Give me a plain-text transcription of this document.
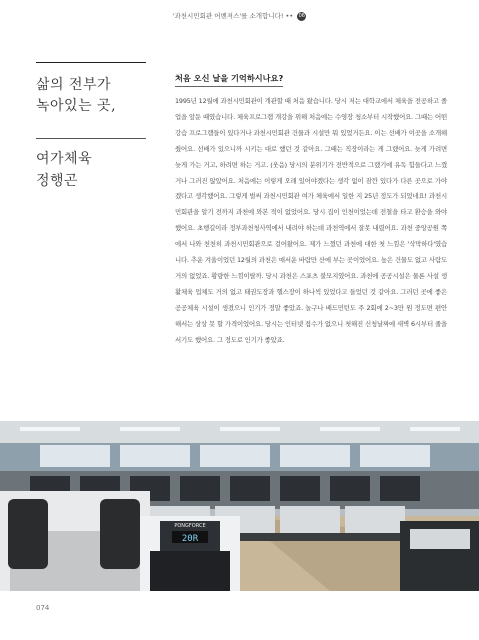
'과천시민회관 어벤져스'를 소개합니다! •• 06
삶의 전부가
녹아있는 곳,
여가체육
정행곤
처음 오신 날을 기억하시나요?

1995년 12월에 과천시민회관이 개관할 때 처음 왔습니다. 당시 저는 대학교에서 체육을 전공하고 졸업을 앞둔 때였습니다. 체육프로그램 개강을 위해 처음에는 수영장 청소부터 시작했어요. 그때는 어떤 강습 프로그램들이 있다거나 과천시민회관 건물과 시설만 뭐 있었거든요. 이는 선배가 이곳을 소개해줬어요. 선배가 있으니까 시키는 대로 했던 것 같아요. 그때는 직장이라는 게 그랬어요. 늦게 가려면 늦게 가는 거고, 하려면 하는 거고. (웃음) 당시의 분위기가 전반적으로 그랬기에 유독 힘들다고 느꼈거나 그러진 않았어요. 처음에는 이렇게 오래 있어야겠다는 생각 없이 잠깐 있다가 다른 곳으로 가야겠다고 생각했어요. 그렇게 벌써 과천시민회관 여가 체육에서 일한 지 25년 정도가 되었네요! 과천시민회관을 알기 전까지 과천에 와본 적이 없었어요. 당시 집이 인천이었는데 전철을 타고 환승을 와야 했어요. 초행길이라 정부과천청사역에서 내려야 하는데 과천역에서 잘못 내렸어요. 과천 중앙공원 쪽에서 나와 천천히 과천시민회관으로 걸어왔어요. 제가 느꼈던 과천에 대한 첫 느낌은 '삭막하다'였습니다. 추운 겨울이었던 12월의 과천은 매서운 바람만 산에 부는 곳이었어요. 높은 건물도 없고 사람도 거의 없었죠. 황량한 느낌이랄까. 당시 과천은 스포츠 불모지였어요. 과천에 공공시설은 물론 사설 생활체육 업체도 거의 없고 태권도장과 헬스장이 하나씩 있었다고 들었던 것 같아요. 그러던 곳에 좋은 공공체육 시설이 생겼으니 인기가 정말 좋았죠. 놀구나 배드민턴도 주 2회에 2~3만 원 정도면 편안해서는 상상 못 할 가격이었어요. 당시는 인터넷 접수가 없으니 첫해진 신청날짜에 새벽 6시부터 줄을 서기도 했어요. 그 정도로 인기가 좋았죠.

20R
PONGFORCE
074
